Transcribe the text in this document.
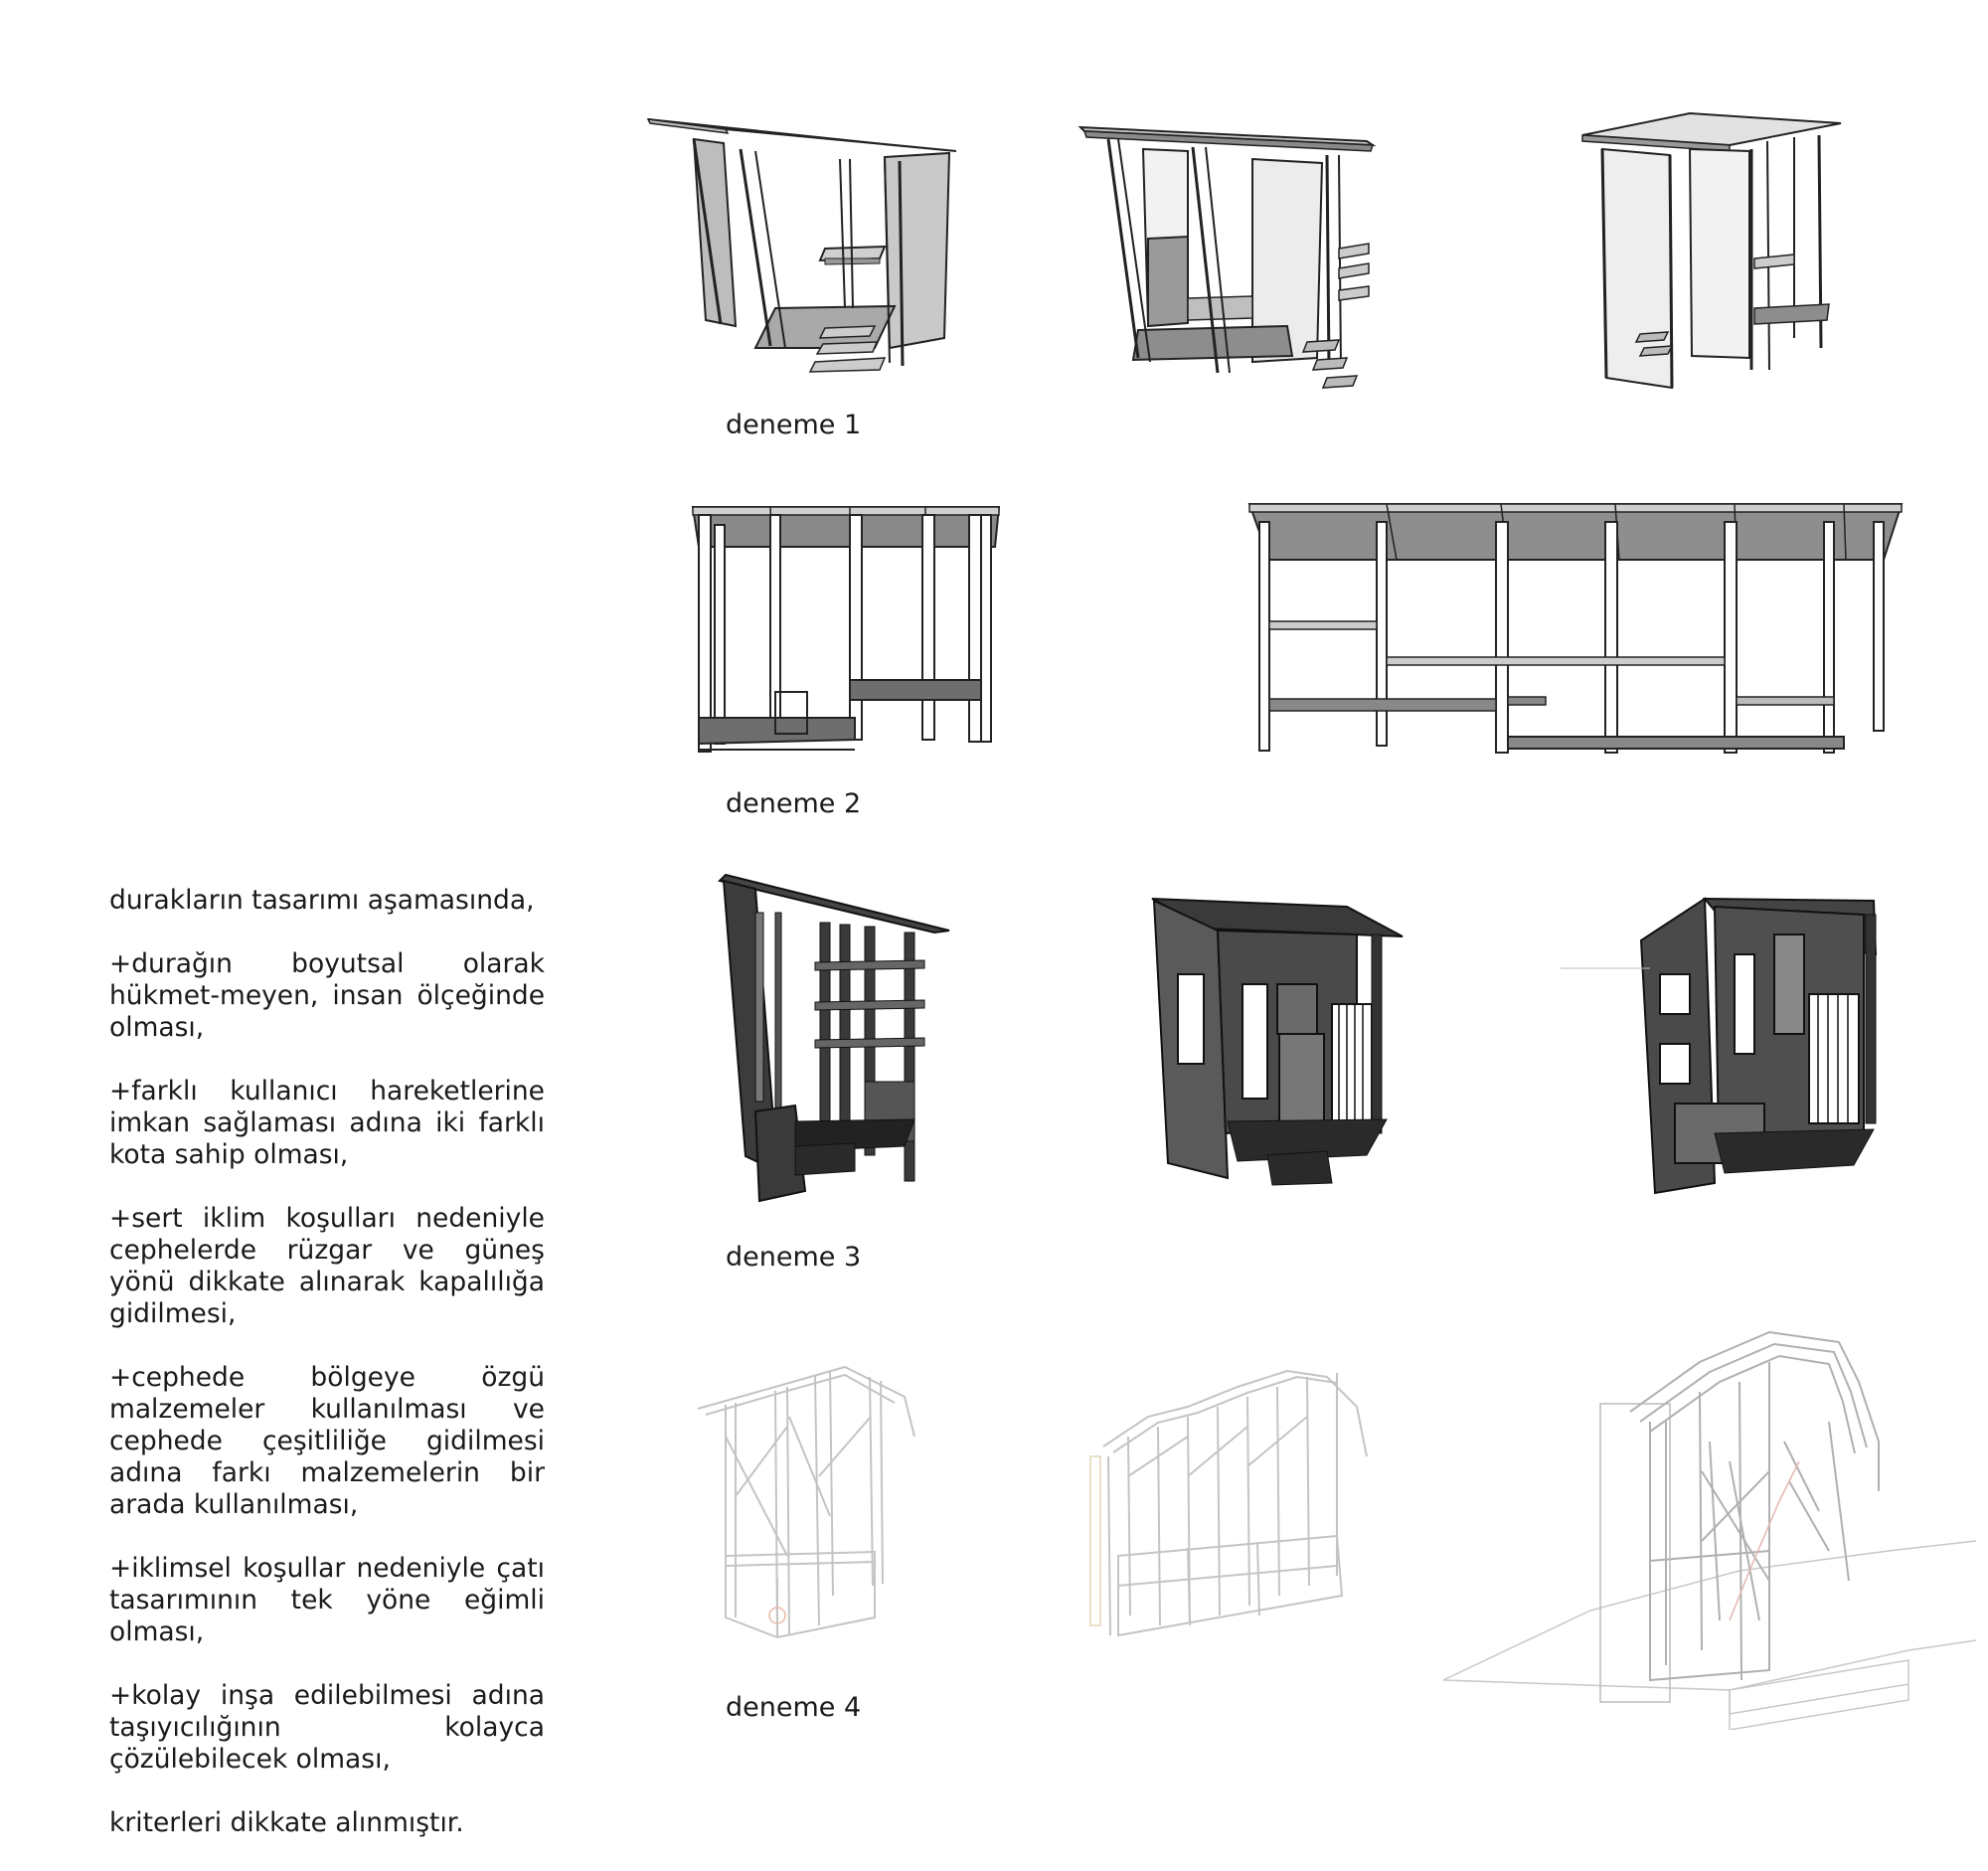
deneme 1
deneme 2
deneme 3
deneme 4

durakların tasarımı aşamasında,

+durağın boyutsal olarak hükmet-meyen, insan ölçeğinde olması,

+farklı kullanıcı hareketlerine imkan sağlaması adına iki farklı kota sahip olması,

+sert iklim koşulları nedeniyle cephelerde rüzgar ve güneş yönü dikkate alınarak kapalılığa gidilmesi,

+cephede bölgeye özgü malzemeler kullanılması ve cephede çeşitliliğe gidilmesi adına farkı malzemelerin bir arada kullanılması,

+iklimsel koşullar nedeniyle çatı tasarımının tek yöne eğimli olması,

+kolay inşa edilebilmesi adına taşıyıcılığının kolayca çözülebilecek olması,

kriterleri dikkate alınmıştır.
